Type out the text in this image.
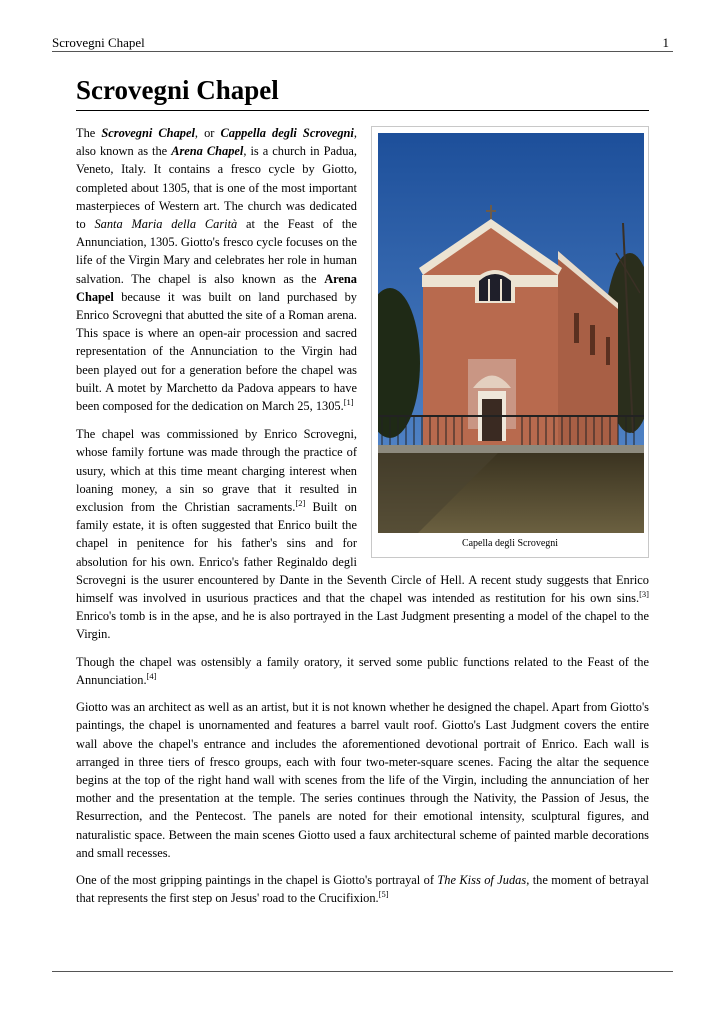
Scrovegni Chapel	1
Scrovegni Chapel
Capella degli Scrovegni

The Scrovegni Chapel, or Cappella degli Scrovegni, also known as the Arena Chapel, is a church in Padua, Veneto, Italy. It contains a fresco cycle by Giotto, completed about 1305, that is one of the most important masterpieces of Western art. The church was dedicated to Santa Maria della Carità at the Feast of the Annunciation, 1305. Giotto's fresco cycle focuses on the life of the Virgin Mary and celebrates her role in human salvation. The chapel is also known as the Arena Chapel because it was built on land purchased by Enrico Scrovegni that abutted the site of a Roman arena. This space is where an open-air procession and sacred representation of the Annunciation to the Virgin had been played out for a generation before the chapel was built. A motet by Marchetto da Padova appears to have been composed for the dedication on March 25, 1305.[1]

The chapel was commissioned by Enrico Scrovegni, whose family fortune was made through the practice of usury, which at this time meant charging interest when loaning money, a sin so grave that it resulted in exclusion from the Christian sacraments.[2] Built on family estate, it is often suggested that Enrico built the chapel in penitence for his father's sins and for absolution for his own. Enrico's father Reginaldo degli Scrovegni is the usurer encountered by Dante in the Seventh Circle of Hell. A recent study suggests that Enrico himself was involved in usurious practices and that the chapel was intended as restitution for his own sins.[3] Enrico's tomb is in the apse, and he is also portrayed in the Last Judgment presenting a model of the chapel to the Virgin.

Though the chapel was ostensibly a family oratory, it served some public functions related to the Feast of the Annunciation.[4]

Giotto was an architect as well as an artist, but it is not known whether he designed the chapel. Apart from Giotto's paintings, the chapel is unornamented and features a barrel vault roof. Giotto's Last Judgment covers the entire wall above the chapel's entrance and includes the aforementioned devotional portrait of Enrico. Each wall is arranged in three tiers of fresco groups, each with four two-meter-square scenes. Facing the altar the sequence begins at the top of the right hand wall with scenes from the life of the Virgin, including the annunciation of her mother and the presentation at the temple. The series continues through the Nativity, the Passion of Jesus, the Resurrection, and the Pentecost. The panels are noted for their emotional intensity, sculptural figures, and naturalistic space. Between the main scenes Giotto used a faux architectural scheme of painted marble decorations and small recesses.

One of the most gripping paintings in the chapel is Giotto's portrayal of The Kiss of Judas, the moment of betrayal that represents the first step on Jesus' road to the Crucifixion.[5]
